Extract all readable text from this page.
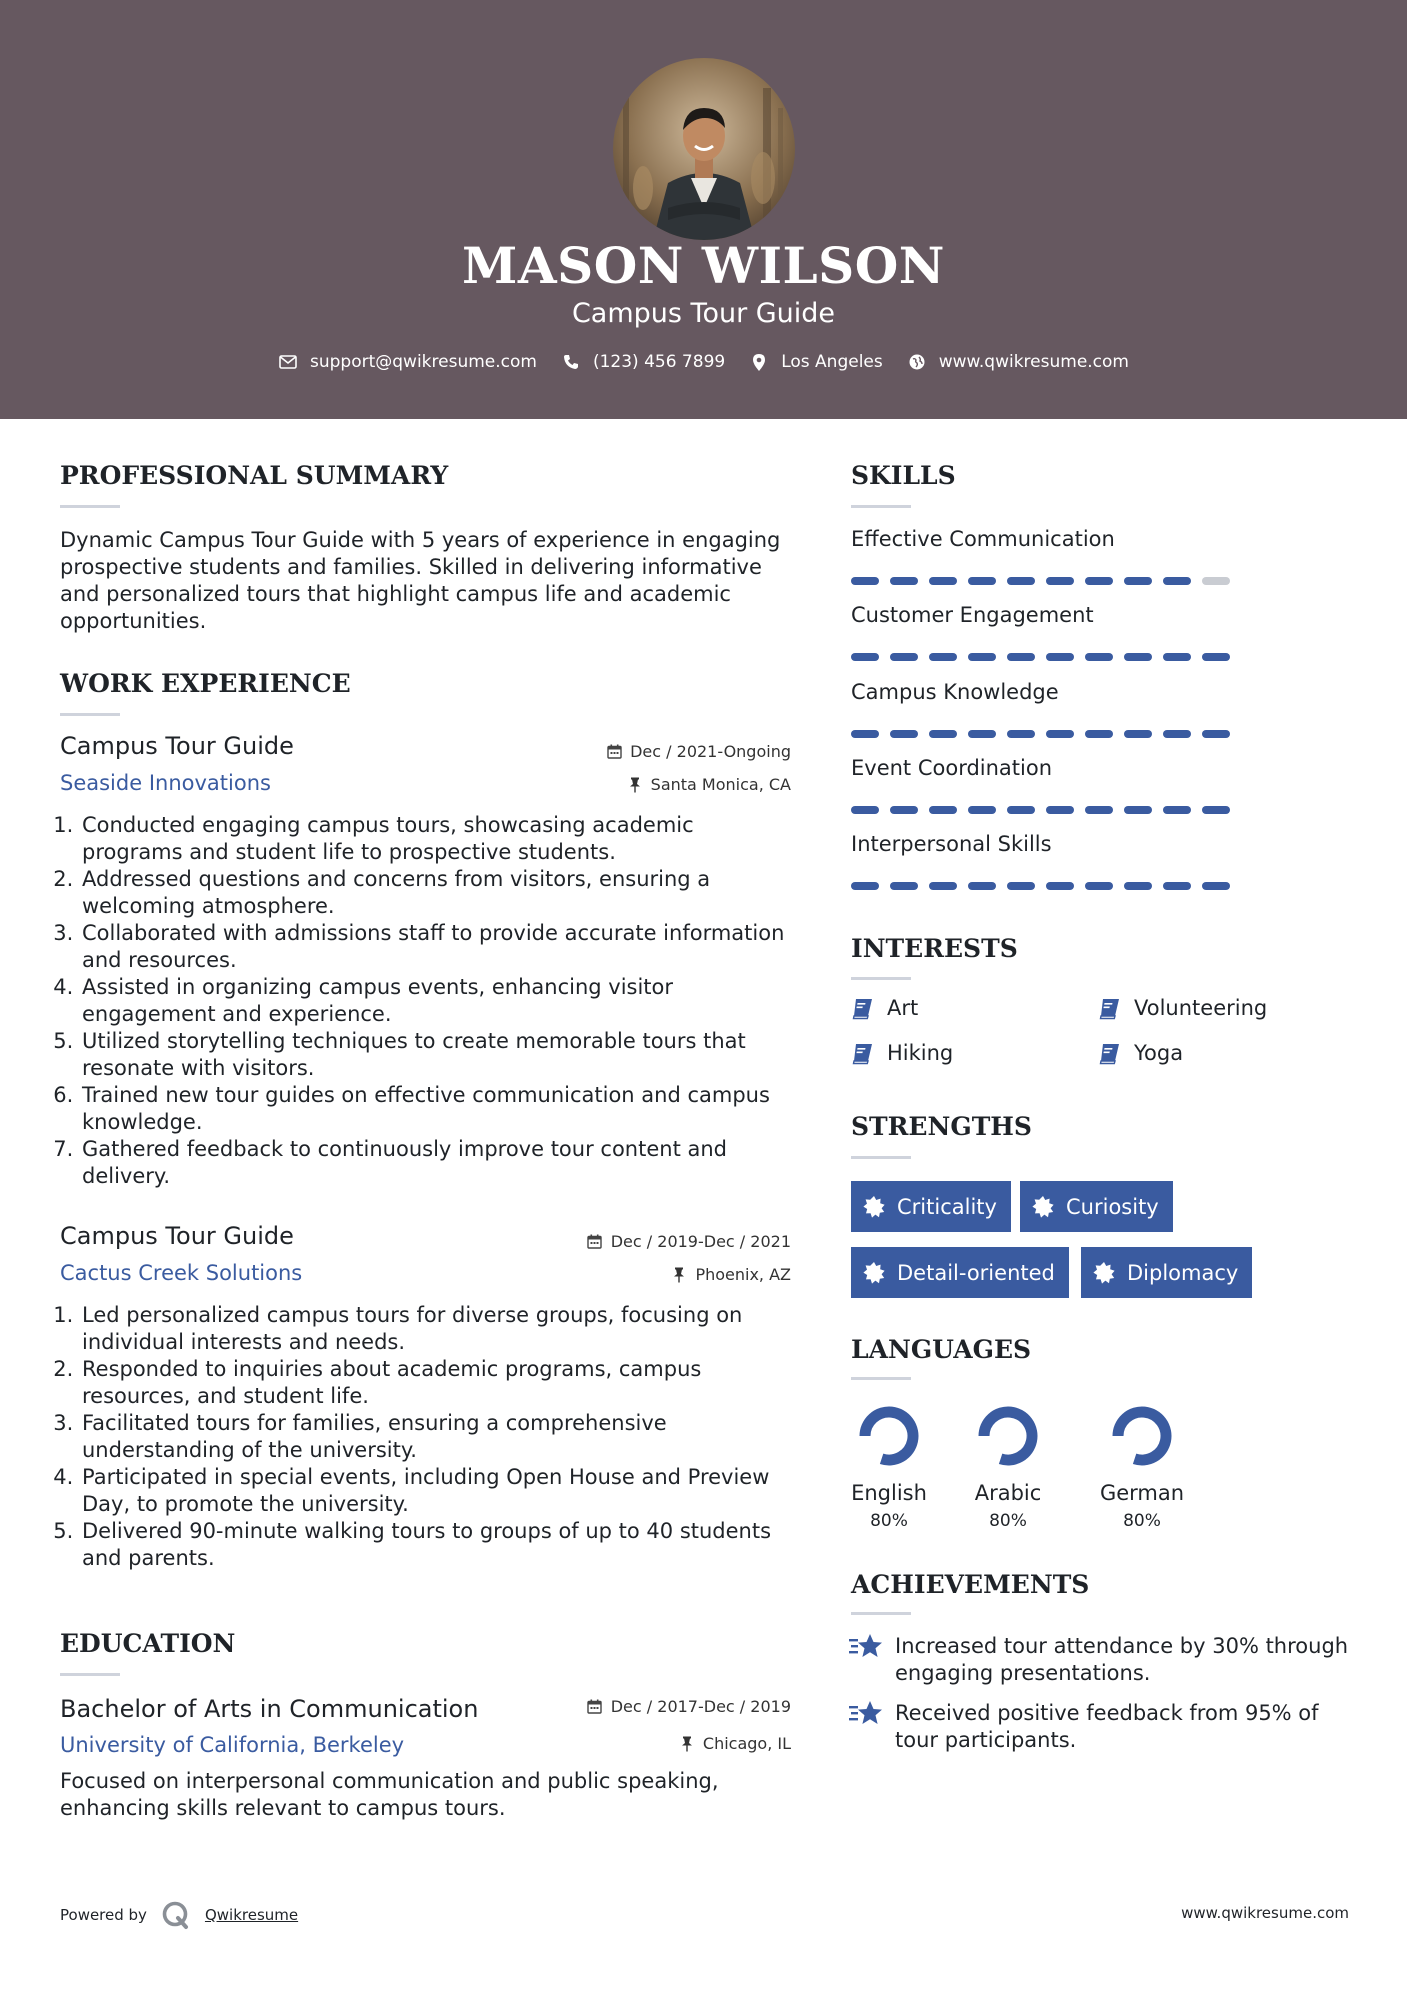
MASON WILSON
Campus Tour Guide
support@qwikresume.com	(123) 456 7899	Los Angeles	www.qwikresume.com
PROFESSIONAL SUMMARY
Dynamic Campus Tour Guide with 5 years of experience in engaging
prospective students and families. Skilled in delivering informative
and personalized tours that highlight campus life and academic
opportunities.
WORK EXPERIENCE
Campus Tour Guide	Dec / 2021-Ongoing
Seaside Innovations	Santa Monica, CA
1. Conducted engaging campus tours, showcasing academic
programs and student life to prospective students.
2. Addressed questions and concerns from visitors, ensuring a
welcoming atmosphere.
3. Collaborated with admissions staff to provide accurate information
and resources.
4. Assisted in organizing campus events, enhancing visitor
engagement and experience.
5. Utilized storytelling techniques to create memorable tours that
resonate with visitors.
6. Trained new tour guides on effective communication and campus
knowledge.
7. Gathered feedback to continuously improve tour content and
delivery.
Campus Tour Guide	Dec / 2019-Dec / 2021
Cactus Creek Solutions	Phoenix, AZ
1. Led personalized campus tours for diverse groups, focusing on
individual interests and needs.
2. Responded to inquiries about academic programs, campus
resources, and student life.
3. Facilitated tours for families, ensuring a comprehensive
understanding of the university.
4. Participated in special events, including Open House and Preview
Day, to promote the university.
5. Delivered 90-minute walking tours to groups of up to 40 students
and parents.
EDUCATION
Bachelor of Arts in Communication	Dec / 2017-Dec / 2019
University of California, Berkeley	Chicago, IL
Focused on interpersonal communication and public speaking,
enhancing skills relevant to campus tours.
SKILLS
Effective Communication
Customer Engagement
Campus Knowledge
Event Coordination
Interpersonal Skills
INTERESTS
Art	Volunteering
Hiking	Yoga
STRENGTHS
Criticality	Curiosity
Detail-oriented	Diplomacy
LANGUAGES
English
80%
Arabic
80%
German
80%
ACHIEVEMENTS
Increased tour attendance by 30% through
engaging presentations.
Received positive feedback from 95% of
tour participants.
Powered by	Qwikresume	www.qwikresume.com
